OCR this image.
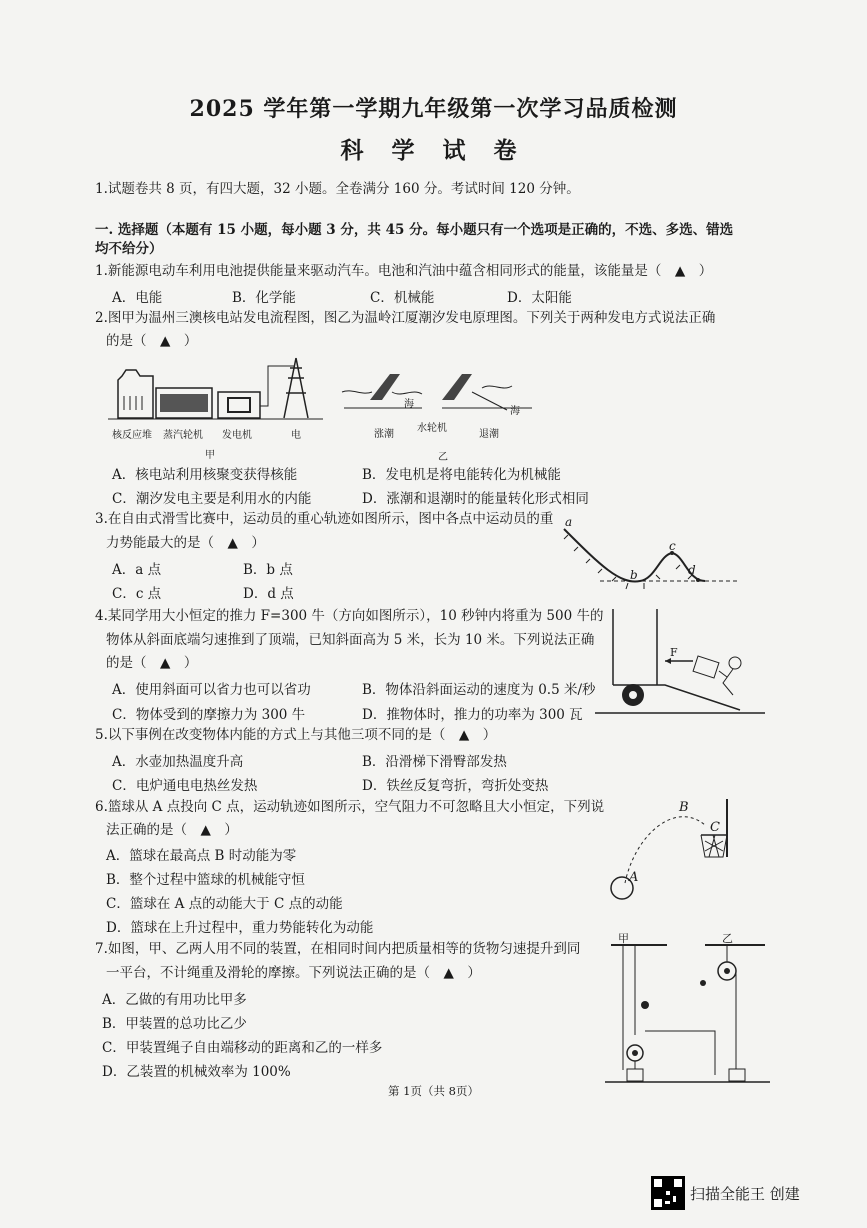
2025 学年第一学期九年级第一次学习品质检测
科 学 试 卷
1.试题卷共 8 页，有四大题，32 小题。全卷满分 160 分。考试时间 120 分钟。
一. 选择题（本题有 15 小题，每小题 3 分，共 45 分。每小题只有一个选项是正确的，不选、多选、错选
均不给分）
1.新能源电动车利用电池提供能量来驱动汽车。电池和汽油中蕴含相同形式的能量，该能量是（　▲　）
A．电能	B．化学能	C．机械能	D．太阳能
2.图甲为温州三澳核电站发电流程图，图乙为温岭江厦潮汐发电原理图。下列关于两种发电方式说法正确
的是（　▲　）
核反应堆 蒸汽轮机 发电机	电
甲
海
海
涨潮
水轮机
退潮
乙
A．核电站利用核聚变获得核能	B．发电机是将电能转化为机械能
C．潮汐发电主要是利用水的内能	D．涨潮和退潮时的能量转化形式相同
3.在自由式滑雪比赛中，运动员的重心轨迹如图所示，图中各点中运动员的重
力势能最大的是（　▲　）
A．a 点	B．b 点
C．c 点	D．d 点
a
b
c
d
4.某同学用大小恒定的推力 F=300 牛（方向如图所示），10 秒钟内将重为 500 牛的
物体从斜面底端匀速推到了顶端，已知斜面高为 5 米，长为 10 米。下列说法正确
的是（　▲　）
A．使用斜面可以省力也可以省功	B．物体沿斜面运动的速度为 0.5 米/秒
C．物体受到的摩擦力为 300 牛	D．推物体时，推力的功率为 300 瓦
F
5.以下事例在改变物体内能的方式上与其他三项不同的是（　▲　）
A．水壶加热温度升高	B．沿滑梯下滑臀部发热
C．电炉通电电热丝发热	D．铁丝反复弯折，弯折处变热
6.篮球从 A 点投向 C 点，运动轨迹如图所示，空气阻力不可忽略且大小恒定，下列说
法正确的是（　▲　）
A．篮球在最高点 B 时动能为零
B．整个过程中篮球的机械能守恒
C．篮球在 A 点的动能大于 C 点的动能
D．篮球在上升过程中，重力势能转化为动能
B
C
A
7.如图，甲、乙两人用不同的装置，在相同时间内把质量相等的货物匀速提升到同
一平台，不计绳重及滑轮的摩擦。下列说法正确的是（　▲　）
A．乙做的有用功比甲多
B．甲装置的总功比乙少
C．甲装置绳子自由端移动的距离和乙的一样多
D．乙装置的机械效率为 100%
甲	乙
第 1页（共 8页）
扫描全能王 创建
